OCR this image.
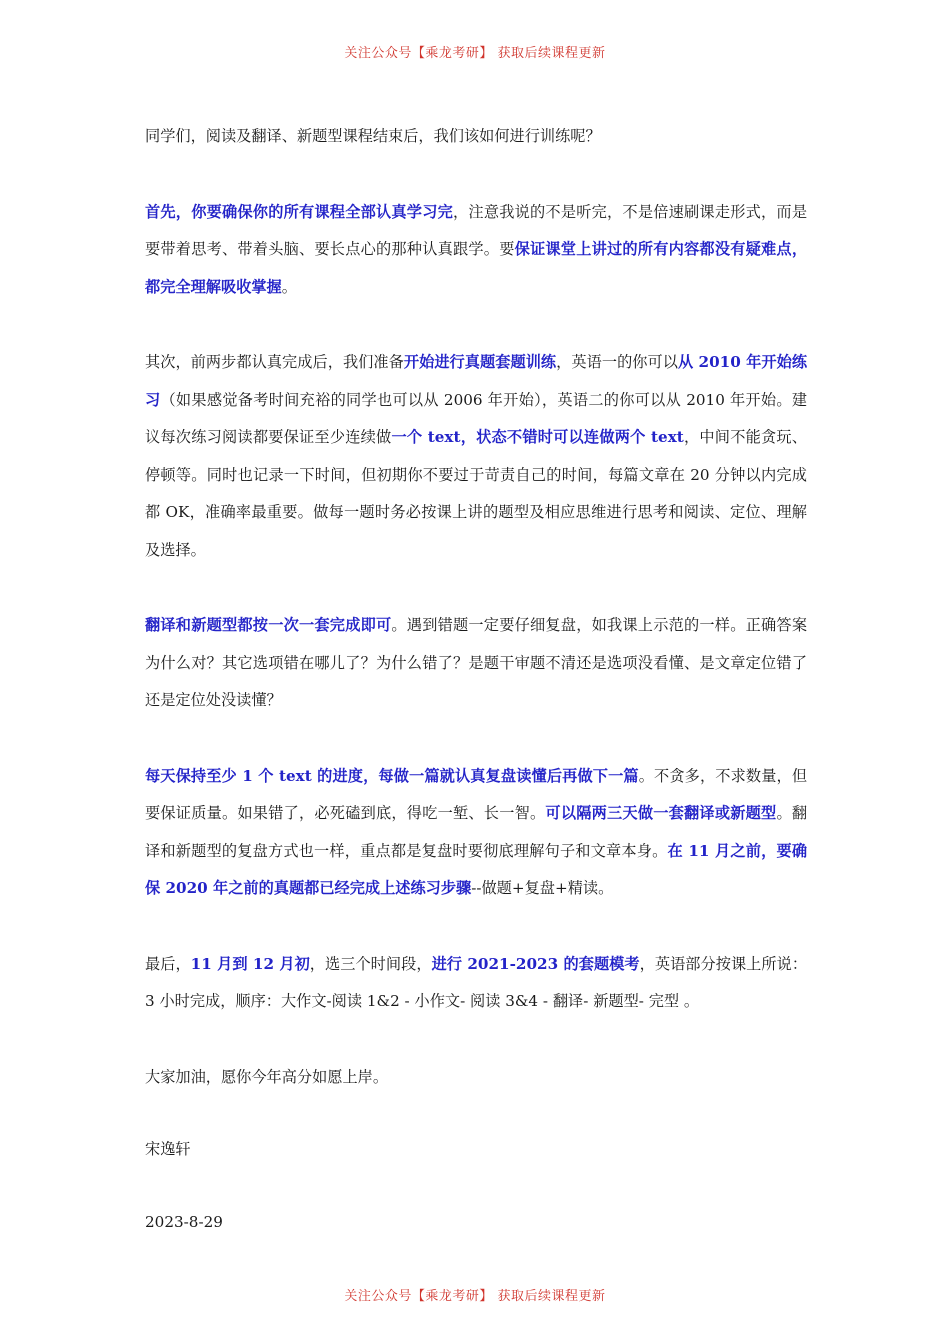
关注公众号【乘龙考研】 获取后续课程更新

同学们，阅读及翻译、新题型课程结束后，我们该如何进行训练呢？

首先，你要确保你的所有课程全部认真学习完，注意我说的不是听完，不是倍速刷课走形式，而是要带着思考、带着头脑、要长点心的那种认真跟学。要保证课堂上讲过的所有内容都没有疑难点，都完全理解吸收掌握。

其次，前两步都认真完成后，我们准备开始进行真题套题训练，英语一的你可以从 2010 年开始练习（如果感觉备考时间充裕的同学也可以从 2006 年开始），英语二的你可以从 2010 年开始。建议每次练习阅读都要保证至少连续做一个 text，状态不错时可以连做两个 text，中间不能贪玩、停顿等。同时也记录一下时间，但初期你不要过于苛责自己的时间，每篇文章在 20 分钟以内完成都 OK，准确率最重要。做每一题时务必按课上讲的题型及相应思维进行思考和阅读、定位、理解及选择。

翻译和新题型都按一次一套完成即可。遇到错题一定要仔细复盘，如我课上示范的一样。正确答案为什么对？其它选项错在哪儿了？为什么错了？是题干审题不清还是选项没看懂、是文章定位错了还是定位处没读懂？

每天保持至少 1 个 text 的进度，每做一篇就认真复盘读懂后再做下一篇。不贪多，不求数量，但要保证质量。如果错了，必死磕到底，得吃一堑、长一智。可以隔两三天做一套翻译或新题型。翻译和新题型的复盘方式也一样，重点都是复盘时要彻底理解句子和文章本身。在 11 月之前，要确保 2020 年之前的真题都已经完成上述练习步骤--做题+复盘+精读。

最后，11 月到 12 月初，选三个时间段，进行 2021-2023 的套题模考，英语部分按课上所说：3 小时完成，顺序：大作文-阅读 1&2 - 小作文- 阅读 3&4 - 翻译- 新题型- 完型 。

大家加油，愿你今年高分如愿上岸。

宋逸轩

2023-8-29

关注公众号【乘龙考研】 获取后续课程更新
